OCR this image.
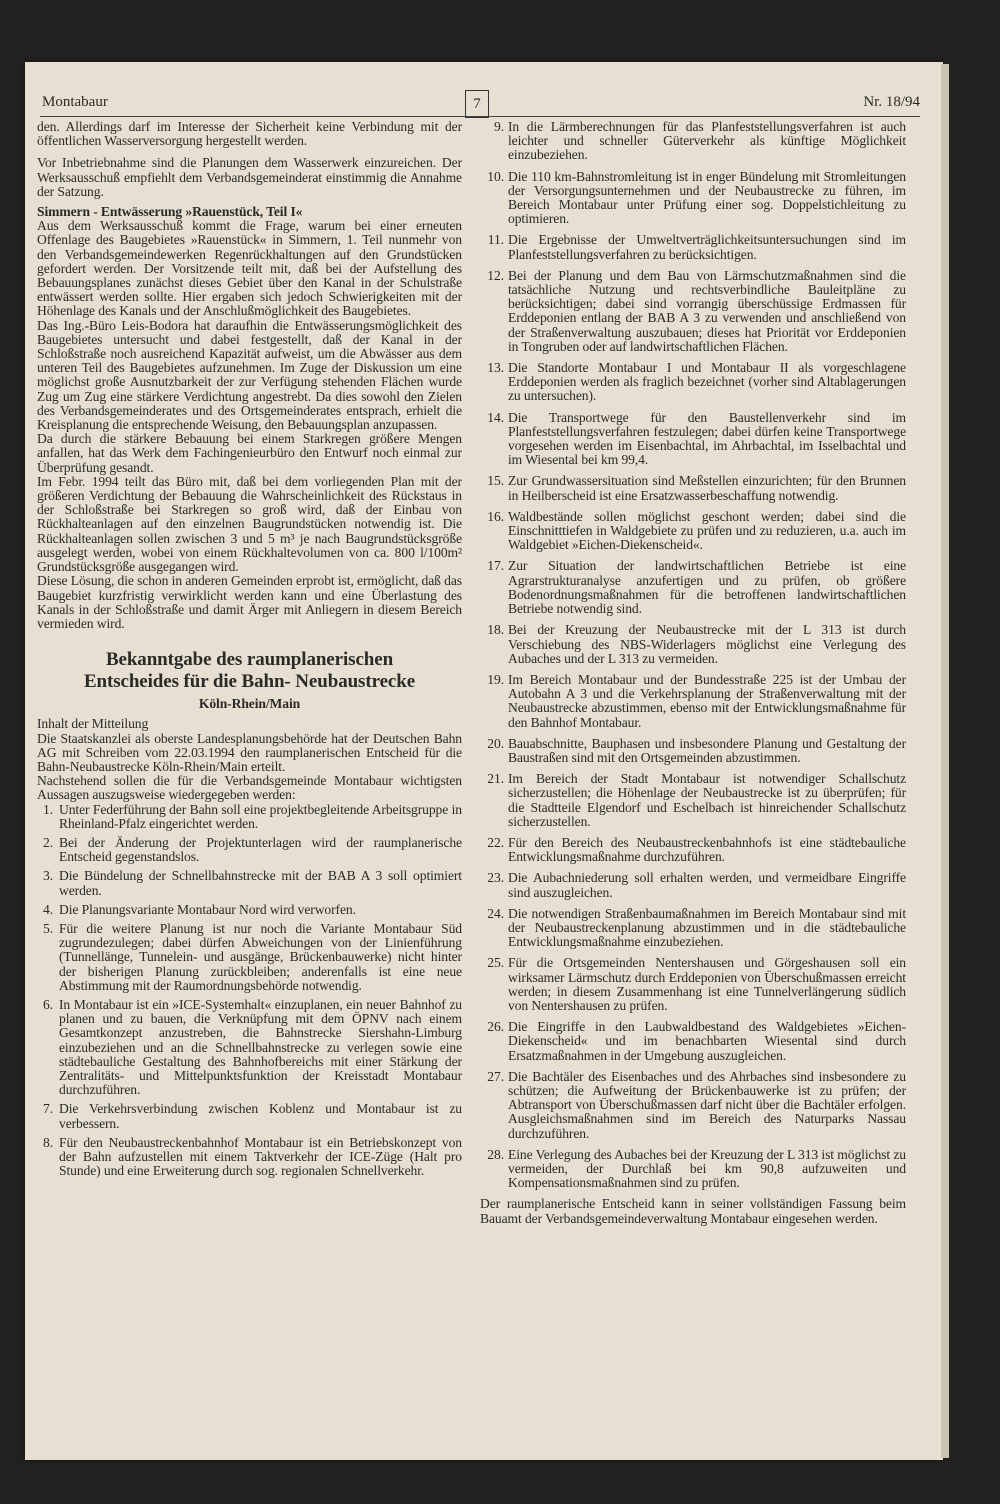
Montabaur	7	Nr. 18/94

den. Allerdings darf im Interesse der Sicherheit keine Verbindung mit der öffentlichen Wasserversorgung hergestellt werden.

Vor Inbetriebnahme sind die Planungen dem Wasserwerk einzureichen. Der Werksausschuß empfiehlt dem Verbandsgemeinderat einstimmig die Annahme der Satzung.

Simmern - Entwässerung »Rauenstück, Teil I«

Aus dem Werksausschuß kommt die Frage, warum bei einer erneuten Offenlage des Baugebietes »Rauenstück« in Simmern, 1. Teil nunmehr von den Verbandsgemeindewerken Regenrückhaltungen auf den Grundstücken gefordert werden. Der Vorsitzende teilt mit, daß bei der Aufstellung des Bebauungsplanes zunächst dieses Gebiet über den Kanal in der Schulstraße entwässert werden sollte. Hier ergaben sich jedoch Schwierigkeiten mit der Höhenlage des Kanals und der Anschlußmöglichkeit des Baugebietes.

Das Ing.-Büro Leis-Bodora hat daraufhin die Entwässerungsmöglichkeit des Baugebietes untersucht und dabei festgestellt, daß der Kanal in der Schloßstraße noch ausreichend Kapazität aufweist, um die Abwässer aus dem unteren Teil des Baugebietes aufzunehmen. Im Zuge der Diskussion um eine möglichst große Ausnutzbarkeit der zur Verfügung stehenden Flächen wurde Zug um Zug eine stärkere Verdichtung angestrebt. Da dies sowohl den Zielen des Verbandsgemeinderates und des Ortsgemeinderates entsprach, erhielt die Kreisplanung die entsprechende Weisung, den Bebauungsplan anzupassen.

Da durch die stärkere Bebauung bei einem Starkregen größere Mengen anfallen, hat das Werk dem Fachingenieurbüro den Entwurf noch einmal zur Überprüfung gesandt.

Im Febr. 1994 teilt das Büro mit, daß bei dem vorliegenden Plan mit der größeren Verdichtung der Bebauung die Wahrscheinlichkeit des Rückstaus in der Schloßstraße bei Starkregen so groß wird, daß der Einbau von Rückhalteanlagen auf den einzelnen Baugrundstücken notwendig ist. Die Rückhalteanlagen sollen zwischen 3 und 5 m³ je nach Baugrundstücksgröße ausgelegt werden, wobei von einem Rückhaltevolumen von ca. 800 l/100m² Grundstücksgröße ausgegangen wird.

Diese Lösung, die schon in anderen Gemeinden erprobt ist, ermöglicht, daß das Baugebiet kurzfristig verwirklicht werden kann und eine Überlastung des Kanals in der Schloßstraße und damit Ärger mit Anliegern in diesem Bereich vermieden wird.

Bekanntgabe des raumplanerischen
Entscheides für die Bahn- Neubaustrecke
Köln-Rhein/Main

Inhalt der Mitteilung

Die Staatskanzlei als oberste Landesplanungsbehörde hat der Deutschen Bahn AG mit Schreiben vom 22.03.1994 den raumplanerischen Entscheid für die Bahn-Neubaustrecke Köln-Rhein/Main erteilt.

Nachstehend sollen die für die Verbandsgemeinde Montabaur wichtigsten Aussagen auszugsweise wiedergegeben werden:

1. Unter Federführung der Bahn soll eine projektbegleitende Arbeitsgruppe in Rheinland-Pfalz eingerichtet werden.
2. Bei der Änderung der Projektunterlagen wird der raumplanerische Entscheid gegenstandslos.
3. Die Bündelung der Schnellbahnstrecke mit der BAB A 3 soll optimiert werden.
4. Die Planungsvariante Montabaur Nord wird verworfen.
5. Für die weitere Planung ist nur noch die Variante Montabaur Süd zugrundezulegen; dabei dürfen Abweichungen von der Linienführung (Tunnellänge, Tunnelein- und ausgänge, Brückenbauwerke) nicht hinter der bisherigen Planung zurückbleiben; anderenfalls ist eine neue Abstimmung mit der Raumordnungsbehörde notwendig.
6. In Montabaur ist ein »ICE-Systemhalt« einzuplanen, ein neuer Bahnhof zu planen und zu bauen, die Verknüpfung mit dem ÖPNV nach einem Gesamtkonzept anzustreben, die Bahnstrecke Siershahn-Limburg einzubeziehen und an die Schnellbahnstrecke zu verlegen sowie eine städtebauliche Gestaltung des Bahnhofbereichs mit einer Stärkung der Zentralitäts- und Mittelpunktsfunktion der Kreisstadt Montabaur durchzuführen.
7. Die Verkehrsverbindung zwischen Koblenz und Montabaur ist zu verbessern.
8. Für den Neubaustreckenbahnhof Montabaur ist ein Betriebskonzept von der Bahn aufzustellen mit einem Taktverkehr der ICE-Züge (Halt pro Stunde) und eine Erweiterung durch sog. regionalen Schnellverkehr.
9. In die Lärmberechnungen für das Planfeststellungsverfahren ist auch leichter und schneller Güterverkehr als künftige Möglichkeit einzubeziehen.
10. Die 110 km-Bahnstromleitung ist in enger Bündelung mit Stromleitungen der Versorgungsunternehmen und der Neubaustrecke zu führen, im Bereich Montabaur unter Prüfung einer sog. Doppelstichleitung zu optimieren.
11. Die Ergebnisse der Umweltverträglichkeitsuntersuchungen sind im Planfeststellungsverfahren zu berücksichtigen.
12. Bei der Planung und dem Bau von Lärmschutzmaßnahmen sind die tatsächliche Nutzung und rechtsverbindliche Bauleitpläne zu berücksichtigen; dabei sind vorrangig überschüssige Erdmassen für Erddeponien entlang der BAB A 3 zu verwenden und anschließend von der Straßenverwaltung auszubauen; dieses hat Priorität vor Erddeponien in Tongruben oder auf landwirtschaftlichen Flächen.
13. Die Standorte Montabaur I und Montabaur II als vorgeschlagene Erddeponien werden als fraglich bezeichnet (vorher sind Altablagerungen zu untersuchen).
14. Die Transportwege für den Baustellenverkehr sind im Planfeststellungsverfahren festzulegen; dabei dürfen keine Transportwege vorgesehen werden im Eisenbachtal, im Ahrbachtal, im Isselbachtal und im Wiesental bei km 99,4.
15. Zur Grundwassersituation sind Meßstellen einzurichten; für den Brunnen in Heilberscheid ist eine Ersatzwasserbeschaffung notwendig.
16. Waldbestände sollen möglichst geschont werden; dabei sind die Einschnitttiefen in Waldgebiete zu prüfen und zu reduzieren, u.a. auch im Waldgebiet »Eichen-Diekenscheid«.
17. Zur Situation der landwirtschaftlichen Betriebe ist eine Agrarstrukturanalyse anzufertigen und zu prüfen, ob größere Bodenordnungsmaßnahmen für die betroffenen landwirtschaftlichen Betriebe notwendig sind.
18. Bei der Kreuzung der Neubaustrecke mit der L 313 ist durch Verschiebung des NBS-Widerlagers möglichst eine Verlegung des Aubaches und der L 313 zu vermeiden.
19. Im Bereich Montabaur und der Bundesstraße 225 ist der Umbau der Autobahn A 3 und die Verkehrsplanung der Straßenverwaltung mit der Neubaustrecke abzustimmen, ebenso mit der Entwicklungsmaßnahme für den Bahnhof Montabaur.
20. Bauabschnitte, Bauphasen und insbesondere Planung und Gestaltung der Baustraßen sind mit den Ortsgemeinden abzustimmen.
21. Im Bereich der Stadt Montabaur ist notwendiger Schallschutz sicherzustellen; die Höhenlage der Neubaustrecke ist zu überprüfen; für die Stadtteile Elgendorf und Eschelbach ist hinreichender Schallschutz sicherzustellen.
22. Für den Bereich des Neubaustreckenbahnhofs ist eine städtebauliche Entwicklungsmaßnahme durchzuführen.
23. Die Aubachniederung soll erhalten werden, und vermeidbare Eingriffe sind auszugleichen.
24. Die notwendigen Straßenbaumaßnahmen im Bereich Montabaur sind mit der Neubaustreckenplanung abzustimmen und in die städtebauliche Entwicklungsmaßnahme einzubeziehen.
25. Für die Ortsgemeinden Nentershausen und Görgeshausen soll ein wirksamer Lärmschutz durch Erddeponien von Überschußmassen erreicht werden; in diesem Zusammenhang ist eine Tunnelverlängerung südlich von Nentershausen zu prüfen.
26. Die Eingriffe in den Laubwaldbestand des Waldgebietes »Eichen-Diekenscheid« und im benachbarten Wiesental sind durch Ersatzmaßnahmen in der Umgebung auszugleichen.
27. Die Bachtäler des Eisenbaches und des Ahrbaches sind insbesondere zu schützen; die Aufweitung der Brückenbauwerke ist zu prüfen; der Abtransport von Überschußmassen darf nicht über die Bachtäler erfolgen. Ausgleichsmaßnahmen sind im Bereich des Naturparks Nassau durchzuführen.
28. Eine Verlegung des Aubaches bei der Kreuzung der L 313 ist möglichst zu vermeiden, der Durchlaß bei km 90,8 aufzuweiten und Kompensationsmaßnahmen sind zu prüfen.

Der raumplanerische Entscheid kann in seiner vollständigen Fassung beim Bauamt der Verbandsgemeindeverwaltung Montabaur eingesehen werden.
